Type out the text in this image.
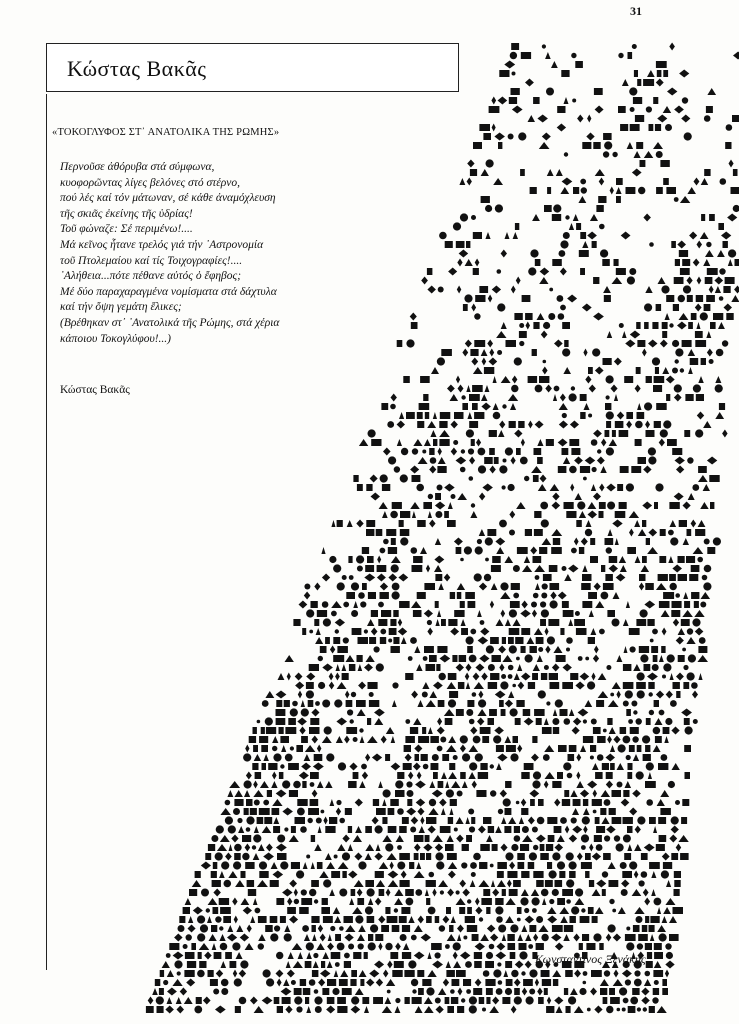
31
Κώστας Βακᾶς
«ΤΟΚΟΓΛΥΦΟΣ ΣΤ᾽ ΑΝΑΤΟΛΙΚΑ ΤΗΣ ΡΩΜΗΣ»
Περνοῦσε ἀθόρυβα στά σύμφωνα,
κυοφορῶντας λίγες βελόνες στό στέρνο,
πού λές καί τόν μάτωναν, σέ κάθε ἀναμόχλευση
τῆς σκιᾶς ἐκείνης τῆς ὑδρίας!
Τοῦ φώναζε: Σέ περιμένω!....
Μά κεῖνος ἦτανε τρελός γιά τήν ᾽Αστρονομία
τοῦ Πτολεμαίου καί τίς Τοιχογραφίες!....
᾽Αλήθεια...πότε πέθανε αὐτός ὁ ἔφηβος;
Μέ δύο παραχαραγμένα νομίσματα στά δάχτυλα
καί τήν ὄψη γεμάτη ἕλικες;
(Βρέθηκαν στ᾽ ᾽Ανατολικά τῆς Ρώμης, στά χέρια
κάποιου Τοκογλύφου!...)
Κώστας Βακᾶς
Κωνσταντίνος Ξενάκης
